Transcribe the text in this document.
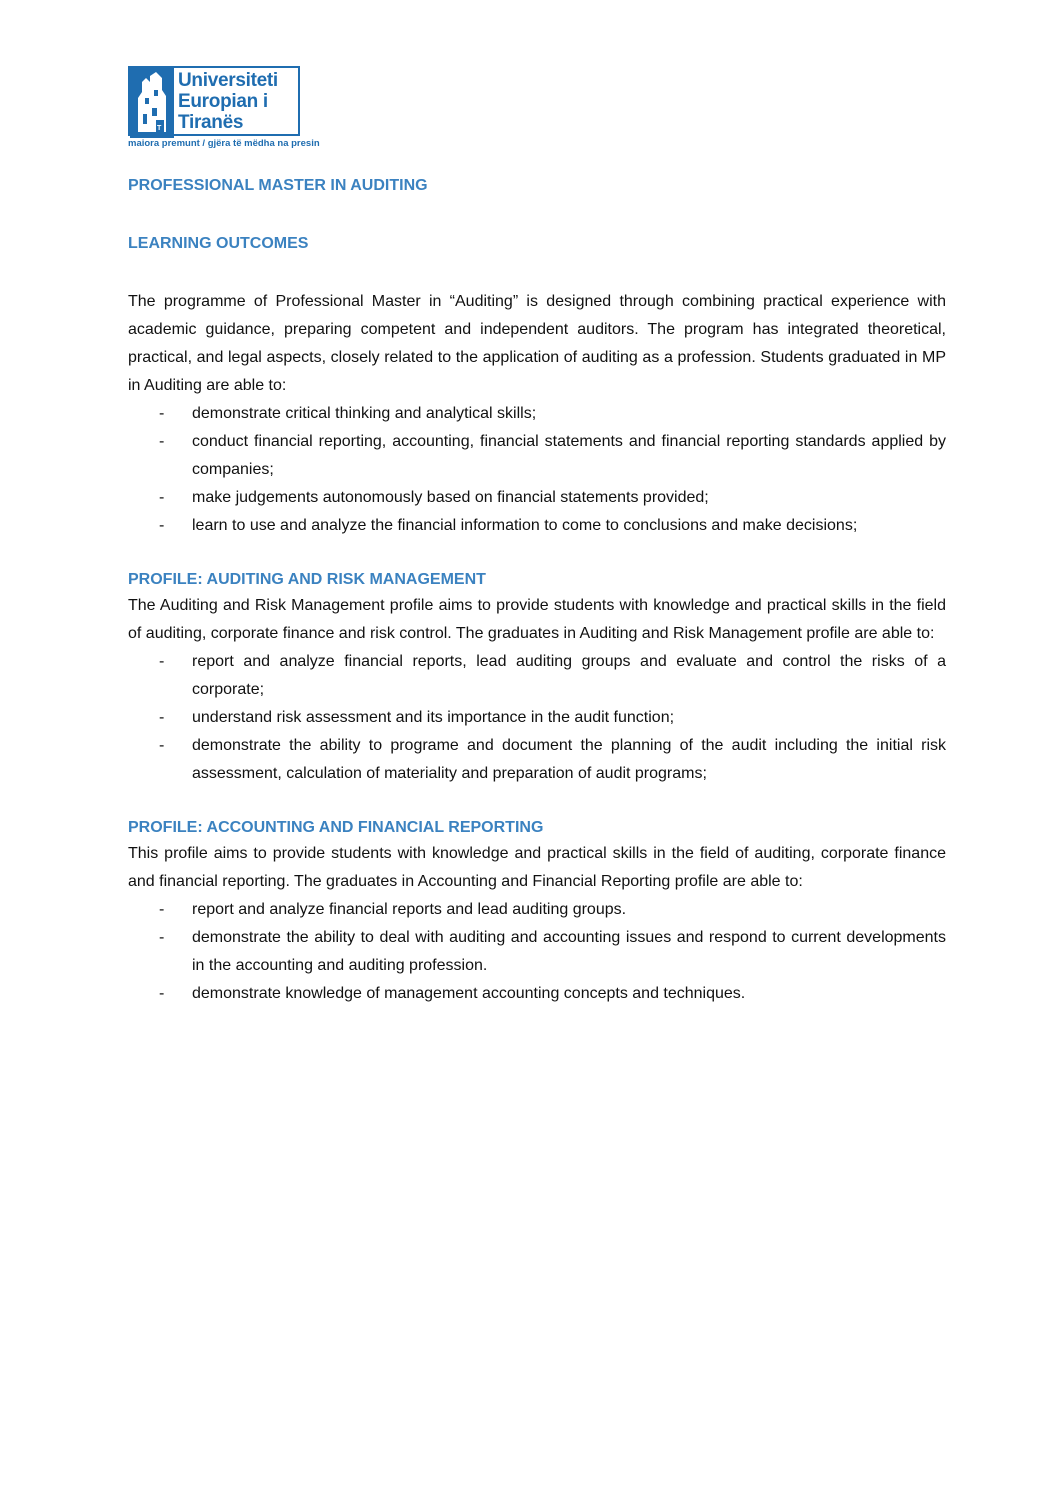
T
Universiteti
Europian i
Tiranës
maiora premunt / gjëra të mëdha na presin
PROFESSIONAL MASTER IN AUDITING
LEARNING OUTCOMES

The programme of Professional Master in “Auditing” is designed through combining practical experience with academic guidance, preparing competent and independent auditors. The program has integrated theoretical, practical, and legal aspects, closely related to the application of auditing as a profession. Students graduated in MP in Auditing are able to:

- demonstrate critical thinking and analytical skills;
- conduct financial reporting, accounting, financial statements and financial reporting standards applied by companies;
- make judgements autonomously based on financial statements provided;
- learn to use and analyze the financial information to come to conclusions and make decisions;
PROFILE: AUDITING AND RISK MANAGEMENT

The Auditing and Risk Management profile aims to provide students with knowledge and practical skills in the field of auditing, corporate finance and risk control. The graduates in Auditing and Risk Management profile are able to:

- report and analyze financial reports, lead auditing groups and evaluate and control the risks of a corporate;
- understand risk assessment and its importance in the audit function;
- demonstrate the ability to programe and document the planning of the audit including the initial risk assessment, calculation of materiality and preparation of audit programs;
PROFILE: ACCOUNTING AND FINANCIAL REPORTING

This profile aims to provide students with knowledge and practical skills in the field of auditing, corporate finance and financial reporting. The graduates in Accounting and Financial Reporting profile are able to:

- report and analyze financial reports and lead auditing groups.
- demonstrate the ability to deal with auditing and accounting issues and respond to current developments in the accounting and auditing profession.
- demonstrate knowledge of management accounting concepts and techniques.
